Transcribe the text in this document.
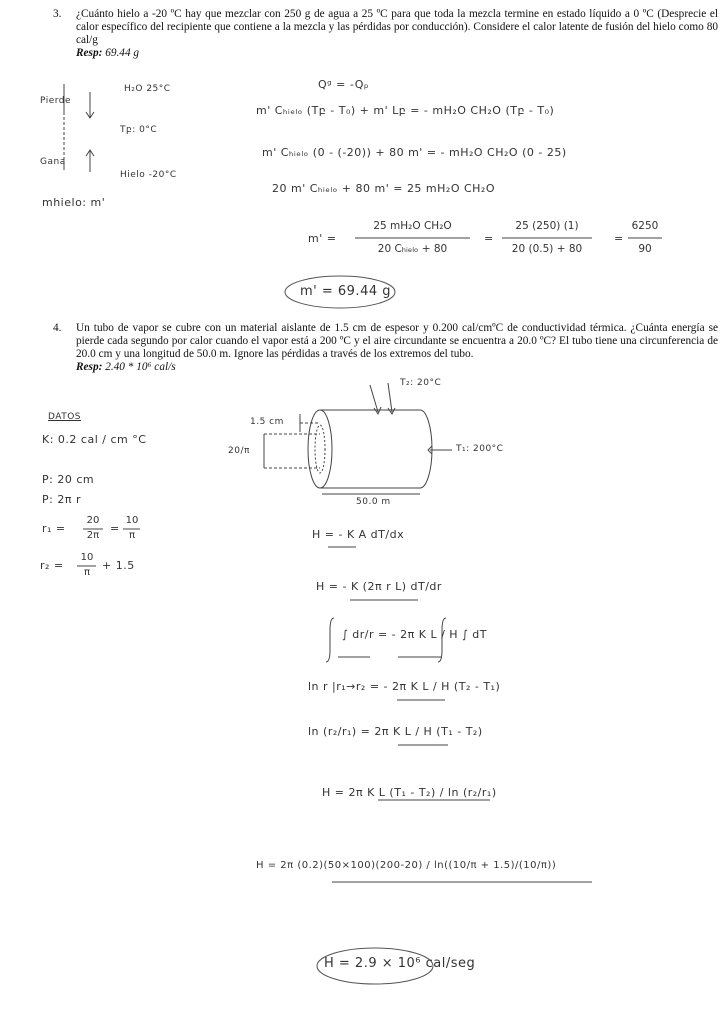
3. ¿Cuánto hielo a -20 ºC hay que mezclar con 250 g de agua a 25 ºC para que toda la mezcla termine en estado líquido a 0 ºC (Desprecie el calor específico del recipiente que contiene a la mezcla y las pérdidas por conducción). Considere el calor latente de fusión del hielo como 80 cal/g
Resp: 69.44 g
4. Un tubo de vapor se cubre con un material aislante de 1.5 cm de espesor y 0.200 cal/cmºC de conductividad térmica. ¿Cuánta energía se pierde cada segundo por calor cuando el vapor está a 200 ºC y el aire circundante se encuentra a 20.0 ºC? El tubo tiene una circunferencia de 20.0 cm y una longitud de 50.0 m. Ignore las pérdidas a través de los extremos del tubo.
Resp: 2.40 * 10⁶ cal/s
Pierde
Gana
H₂O 25°C
Tբ: 0°C
Hielo -20°C
mhielo: m'
Qᵍ = -Qₚ
m' Cₕᵢₑₗₒ (Tբ - T₀) + m' Lբ = - mH₂O CH₂O (Tբ - T₀)
m' Cₕᵢₑₗₒ (0 - (-20)) + 80 m' = - mH₂O CH₂O (0 - 25)
20 m' Cₕᵢₑₗₒ + 80 m' = 25 mH₂O CH₂O
m' =
25 mH₂O CH₂O
20 Cₕᵢₑₗₒ + 80
=
25 (250) (1)
20 (0.5) + 80
=
6250
90
m' = 69.44 g
DATOS
K: 0.2 cal / cm °C
P: 20 cm
P: 2π r
r₁ =
20
2π
=
10
π
r₂ =
10
π
+ 1.5
T₂: 20°C
T₁: 200°C
1.5 cm
20/π
50.0 m
H = - K A dT/dx
H = - K (2π r L) dT/dr
∫ dr/r = - 2π K L / H ∫ dT
ln r |r₁→r₂ = - 2π K L / H (T₂ - T₁)
ln (r₂/r₁) = 2π K L / H (T₁ - T₂)
H = 2π K L (T₁ - T₂) / ln (r₂/r₁)
H = 2π (0.2)(50×100)(200-20) / ln((10/π + 1.5)/(10/π))
H = 2.9 × 10⁶ cal/seg
